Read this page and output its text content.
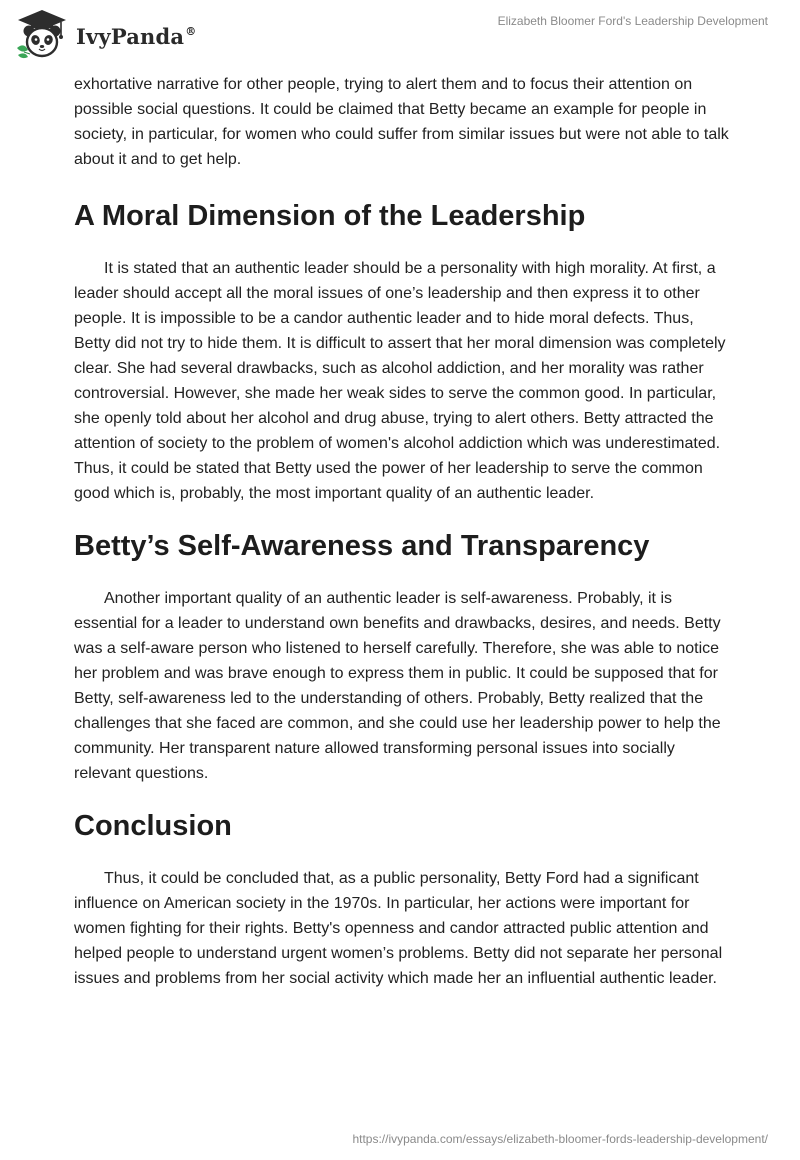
IvyPanda®
Elizabeth Bloomer Ford's Leadership Development

exhortative narrative for other people, trying to alert them and to focus their attention on possible social questions. It could be claimed that Betty became an example for people in society, in particular, for women who could suffer from similar issues but were not able to talk about it and to get help.

A Moral Dimension of the Leadership

It is stated that an authentic leader should be a personality with high morality. At first, a leader should accept all the moral issues of one’s leadership and then express it to other people. It is impossible to be a candor authentic leader and to hide moral defects. Thus, Betty did not try to hide them. It is difficult to assert that her moral dimension was completely clear. She had several drawbacks, such as alcohol addiction, and her morality was rather controversial. However, she made her weak sides to serve the common good. In particular, she openly told about her alcohol and drug abuse, trying to alert others. Betty attracted the attention of society to the problem of women's alcohol addiction which was underestimated. Thus, it could be stated that Betty used the power of her leadership to serve the common good which is, probably, the most important quality of an authentic leader.

Betty’s Self-Awareness and Transparency

Another important quality of an authentic leader is self-awareness. Probably, it is essential for a leader to understand own benefits and drawbacks, desires, and needs. Betty was a self-aware person who listened to herself carefully. Therefore, she was able to notice her problem and was brave enough to express them in public. It could be supposed that for Betty, self-awareness led to the understanding of others. Probably, Betty realized that the challenges that she faced are common, and she could use her leadership power to help the community. Her transparent nature allowed transforming personal issues into socially relevant questions.

Conclusion

Thus, it could be concluded that, as a public personality, Betty Ford had a significant influence on American society in the 1970s. In particular, her actions were important for women fighting for their rights. Betty's openness and candor attracted public attention and helped people to understand urgent women’s problems. Betty did not separate her personal issues and problems from her social activity which made her an influential authentic leader.

https://ivypanda.com/essays/elizabeth-bloomer-fords-leadership-development/
